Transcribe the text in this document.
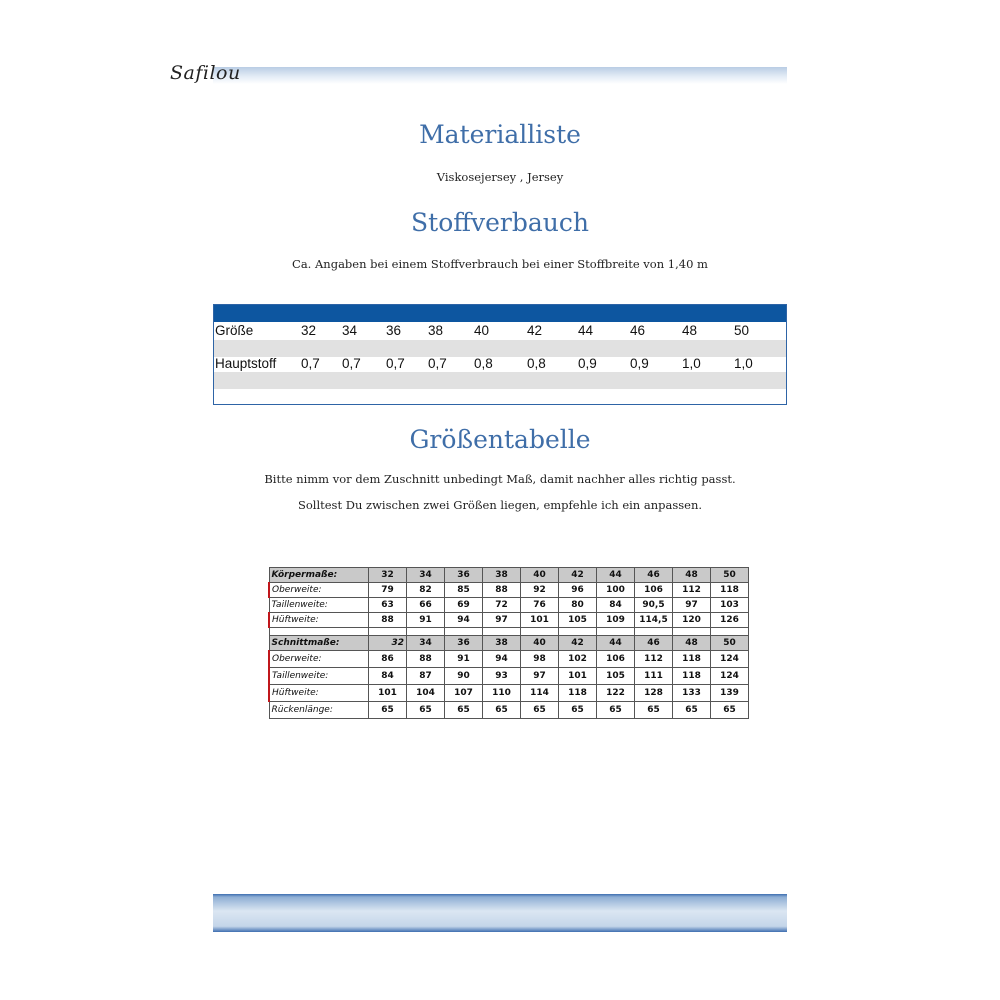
Safilou
Materialliste
Viskosejersey , Jersey
Stoffverbauch
Ca. Angaben bei einem Stoffverbrauch bei einer Stoffbreite von 1,40 m
Größe	32 34 36 38 40	42	44	46	48	50
Hauptstoff 0,7 0,7 0,7 0,7 0,8	0,8 0,9 0,9 1,0 1,0
Größentabelle
Bitte nimm vor dem Zuschnitt unbedingt Maß, damit nachher alles richtig passt.
Solltest Du zwischen zwei Größen liegen, empfehle ich ein anpassen.
Körpermaße:	32	34	36	38	40	42	44	46	48	50
Oberweite:	79	82	85	88	92	96	100	106	112	118
Taillenweite:	63	66	69	72	76	80	84	90,5	97	103
Hüftweite:	88	91	94	97	101	105	109	114,5	120	126

Schnittmaße:	32	34	36	38	40	42	44	46	48	50
Oberweite:	86	88	91	94	98	102	106	112	118	124
Taillenweite:	84	87	90	93	97	101	105	111	118	124
Hüftweite:	101	104	107	110	114	118	122	128	133	139
Rückenlänge:	65	65	65	65	65	65	65	65	65	65
